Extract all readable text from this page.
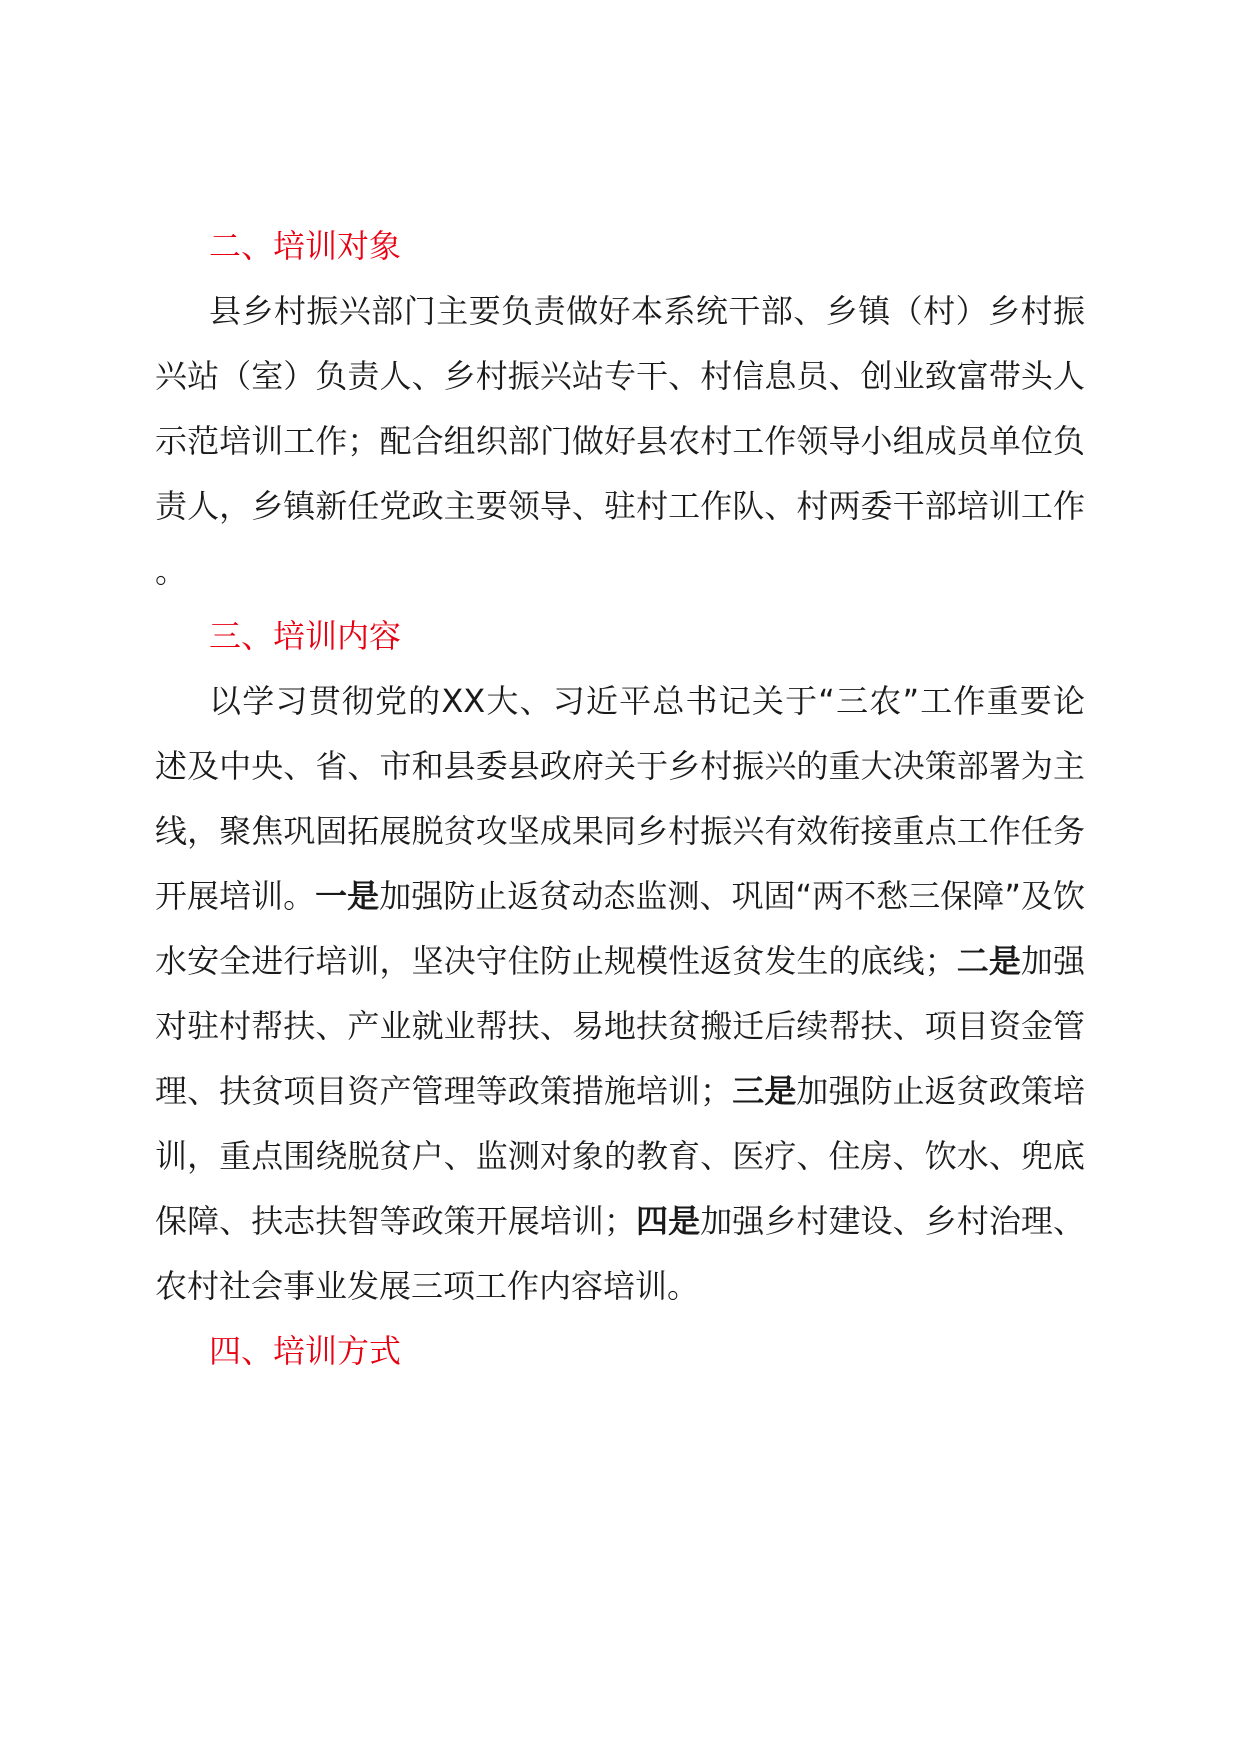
二、培训对象

县乡村振兴部门主要负责做好本系统干部、乡镇（村）乡村振兴站（室）负责人、乡村振兴站专干、村信息员、创业致富带头人示范培训工作；配合组织部门做好县农村工作领导小组成员单位负责人，乡镇新任党政主要领导、驻村工作队、村两委干部培训工作。

三、培训内容

以学习贯彻党的XX大、习近平总书记关于“三农”工作重要论述及中央、省、市和县委县政府关于乡村振兴的重大决策部署为主线，聚焦巩固拓展脱贫攻坚成果同乡村振兴有效衔接重点工作任务开展培训。一是加强防止返贫动态监测、巩固“两不愁三保障”及饮水安全进行培训，坚决守住防止规模性返贫发生的底线；二是加强对驻村帮扶、产业就业帮扶、易地扶贫搬迁后续帮扶、项目资金管理、扶贫项目资产管理等政策措施培训；三是加强防止返贫政策培训，重点围绕脱贫户、监测对象的教育、医疗、住房、饮水、兜底保障、扶志扶智等政策开展培训；四是加强乡村建设、乡村治理、农村社会事业发展三项工作内容培训。

四、培训方式
